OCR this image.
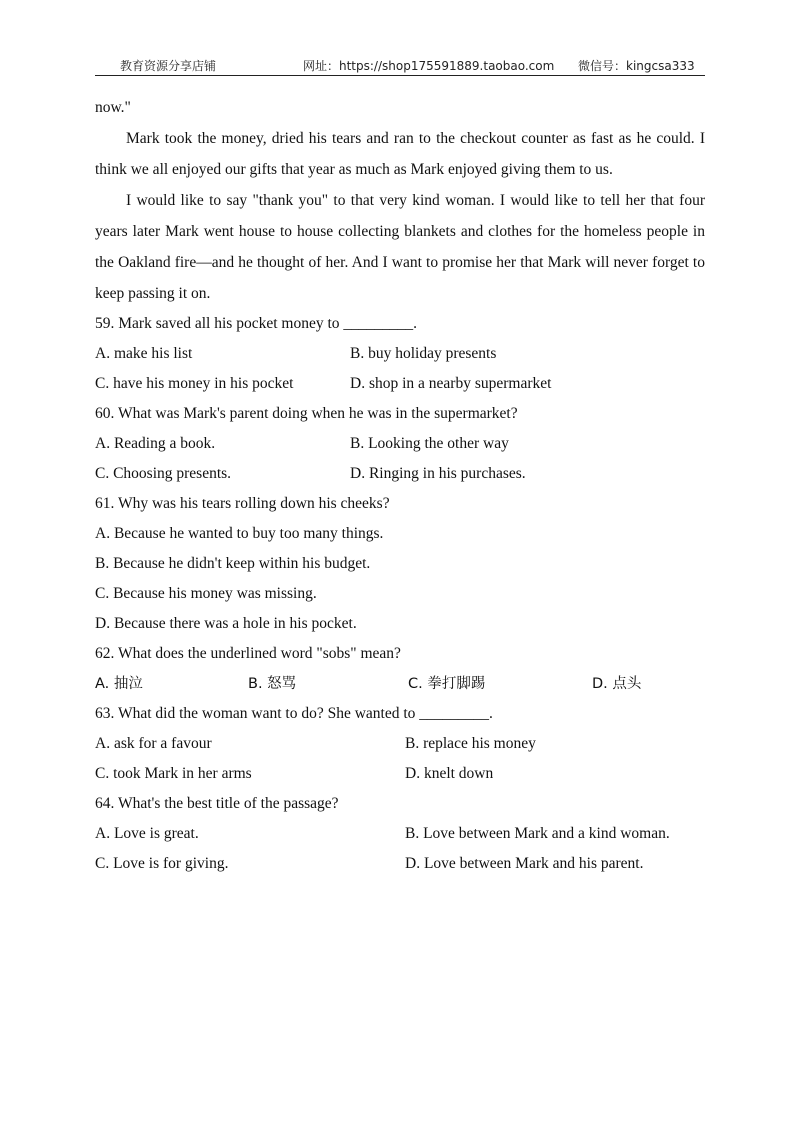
教育资源分享店铺	网址：https://shop175591889.taobao.com 微信号：kingcsa333

now."

Mark took the money, dried his tears and ran to the checkout counter as fast as he could. I think we all enjoyed our gifts that year as much as Mark enjoyed giving them to us.

I would like to say "thank you" to that very kind woman. I would like to tell her that four years later Mark went house to house collecting blankets and clothes for the homeless people in the Oakland fire—and he thought of her. And I want to promise her that Mark will never forget to keep passing it on.

59. Mark saved all his pocket money to _________.

A. make his list	B. buy holiday presents
C. have his money in his pocket	D. shop in a nearby supermarket

60. What was Mark's parent doing when he was in the supermarket?

A. Reading a book.	B. Looking the other way
C. Choosing presents.	D. Ringing in his purchases.

61. Why was his tears rolling down his cheeks?

A. Because he wanted to buy too many things.

B. Because he didn't keep within his budget.

C. Because his money was missing.

D. Because there was a hole in his pocket.

62. What does the underlined word "sobs" mean?

A. 抽泣	B. 怒骂	C. 拳打脚踢	D. 点头

63. What did the woman want to do? She wanted to _________.

A. ask for a favour	B. replace his money
C. took Mark in her arms	D. knelt down

64. What's the best title of the passage?

A. Love is great.	B. Love between Mark and a kind woman.
C. Love is for giving.	D. Love between Mark and his parent.
